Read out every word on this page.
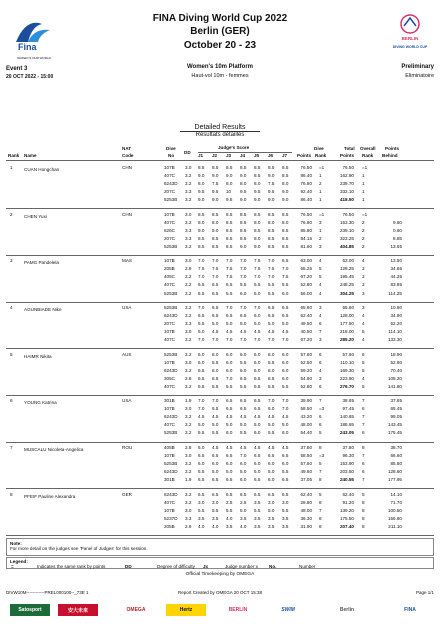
Fina
WATER IS OUR WORLD
FINA Diving World Cup 2022
Berlin (GER)
October 20 - 23
BERLIN
DIVING WORLD CUP
Event 3
20 OCT 2022 - 15:00
Women's 10m Platform
Haut-vol 10m - femmes
Preliminary
Eliminatoire
Detailed Results
Résultats détaillés
Rank Name
NAT
Code
Dive
No
DD
Judge's Score
J1 J2 J3 J4 J5 J6 J7 Points
Dive
Rank
Total
Points
Overall
Rank
Points
Behind
1 CUAN Hongchan	CHN	107B 3.0 8.5 8.5 8.5 8.5 8.5 8.5 8.5	76.50 =1	76.50 =1
407C 3.2 9.0 9.0 9.0 9.0 8.5 9.0 8.5	86.40 1	162.90 1
6243D 3.2 8.0 7.5 8.0 8.0 8.0 7.5 8.0	76.80 2	239.70 1
207C 3.3 9.5 9.5 10 9.5 9.5 9.5 9.0	92.40 1	332.10 1
5253B 3.2 9.0 9.0 9.5 9.0 9.0 9.0 9.0	86.40 1	418.50 1
2 CHEN Yuxi	CHN	107B 3.0 8.5 8.5 8.5 8.5 8.5 8.5 8.5	76.50 =1	76.50 =1
407C 3.2 8.0 8.0 8.5 8.5 8.0 8.0 8.0	76.80 3	153.30 2	9.60
626C 3.3 9.0 9.0 8.5 8.5 8.5 8.5 8.5	85.80 1	239.10 2	0.60
207C 3.3 8.5 8.5 8.5 8.5 8.0 8.5 8.5	84.15 2	323.25 2	8.85
5253B 3.2 8.5 8.5 8.5 9.0 9.0 8.5 8.5	81.60 3	404.85 2	13.65
3 PAMG Pandelela	MAS	107B 3.0 7.0 7.0 7.0 7.0 7.5 7.0 6.5	63.00 4	63.00 4	13.50
205B 2.9 7.5 7.5 7.5 7.0 7.5 7.5 7.0	65.25 5	128.25 3	34.65
405C 3.2 7.0 7.0 7.5 7.0 7.0 7.0 7.5	67.20 5	195.45 3	44.25
407C 3.2 6.5 6.5 6.5 5.5 5.5 5.5 5.5	52.80 4	248.25 3	83.85
5253B 3.2 6.5 6.5 5.5 6.0 5.0 5.5 6.0	56.00 4	304.25 3	114.25
4 AGUNBIADE Nike	USA	5253B 3.2 7.0 6.5 7.0 7.0 7.0 6.5 6.5	65.60 3	65.60 3	10.90
6243D 3.2 6.5 6.5 6.5 6.5 6.0 6.5 6.5	62.40 4	128.00 4	34.90
207C 3.3 5.5 5.0 5.0 5.0 5.0 5.0 5.0	49.50 6	177.50 4	62.20
107B 3.0 5.0 4.5 4.5 4.5 4.5 4.5 4.5	40.50 7	218.00 5	114.10
407C 3.2 7.0 7.0 7.0 7.0 7.0 7.0 7.0	67.20 3	285.20 4	133.30
5 HAIMR Nikita	AUS	5253B 3.2 6.0 6.0 6.0 6.0 6.0 6.0 6.0	57.60 6	57.60 6	18.90
107B 3.0 6.0 5.5 6.0 5.5 6.0 5.5 6.0	52.50 6	110.10 5	52.80
6243D 3.2 6.5 6.0 6.0 6.0 6.0 6.0 6.0	59.20 4	169.30 5	70.40
305C 2.8 6.5 6.5 7.0 6.5 6.5 6.5 6.0	54.60 3	223.90 4	108.20
407C 3.2 5.5 5.5 5.5 5.5 5.5 5.5 5.5	52.80 6	276.70 5	141.80
6 YOUNG Katrina	USA	301B 1.9 7.0 7.0 6.5 6.5 6.5 7.0 7.0	39.90 7	38.85 7	37.65
107B 3.0 7.0 6.5 6.5 6.5 6.5 6.0 7.0	58.50 =3	97.45 6	65.45
6243D 3.2 4.5 4.5 4.5 4.5 4.5 4.5 4.5	43.20 6	140.65 7	99.05
407C 3.2 5.0 5.0 5.0 5.0 5.0 5.0 5.0	48.00 6	188.65 7	143.45
5253B 3.2 5.5 5.5 6.0 5.5 6.0 5.5 6.0	54.40 5	243.05 6	175.45
7 MUSCALU Nicoleta-Angelica	ROU	405B 2.8 5.0 4.5 4.5 4.5 4.5 4.5 4.5	37.80 8	37.80 8	38.70
107B 3.0 6.5 6.5 6.5 7.0 6.5 6.5 6.5	58.50 =3	96.30 7	66.60
5253B 3.2 6.0 6.0 6.0 6.0 6.0 6.0 6.0	57.60 5	153.90 6	85.80
6243D 3.2 5.5 5.0 5.0 5.0 5.0 5.0 5.5	49.60 7	203.50 6	128.60
301B 1.9 6.5 6.5 6.5 6.0 6.5 6.0 6.5	37.05 8	240.55 7	177.95
8 PFEIF Pauline Alexandra	GER	6243D 3.2 6.5 6.5 6.5 6.5 6.5 6.5 6.5	62.40 5	62.40 5	14.10
407C 3.2 3.0 3.0 2.5 2.5 3.5 3.0 3.0	28.80 8	91.20 8	71.70
107B 3.0 5.5 5.5 5.5 5.0 5.5 5.0 5.5	48.00 7	139.20 8	100.50
5237D 3.3 3.5 3.5 4.0 3.5 3.5 3.5 3.5	36.30 8	175.50 8	156.60
205B 2.9 4.0 4.0 3.5 4.0 3.5 3.5 3.5	31.90 8	207.40 8	211.10
Note:
For more detail on the judges see 'Panel of Judges' for this session.
Legend:
=	Indicates the same rank by points	DD	Degree of difficulty Jx	Judge number x No.	Number
Official Timekeeping by OMEGA
DIVW10M------------PREL000100--_73E 1	Report Created by OMEGA 20 OCT 15:38	Page 1/1
Satosport	安大未来	OMEGA	Hertz	BERLIN	SWIM	Berlin	FINA
